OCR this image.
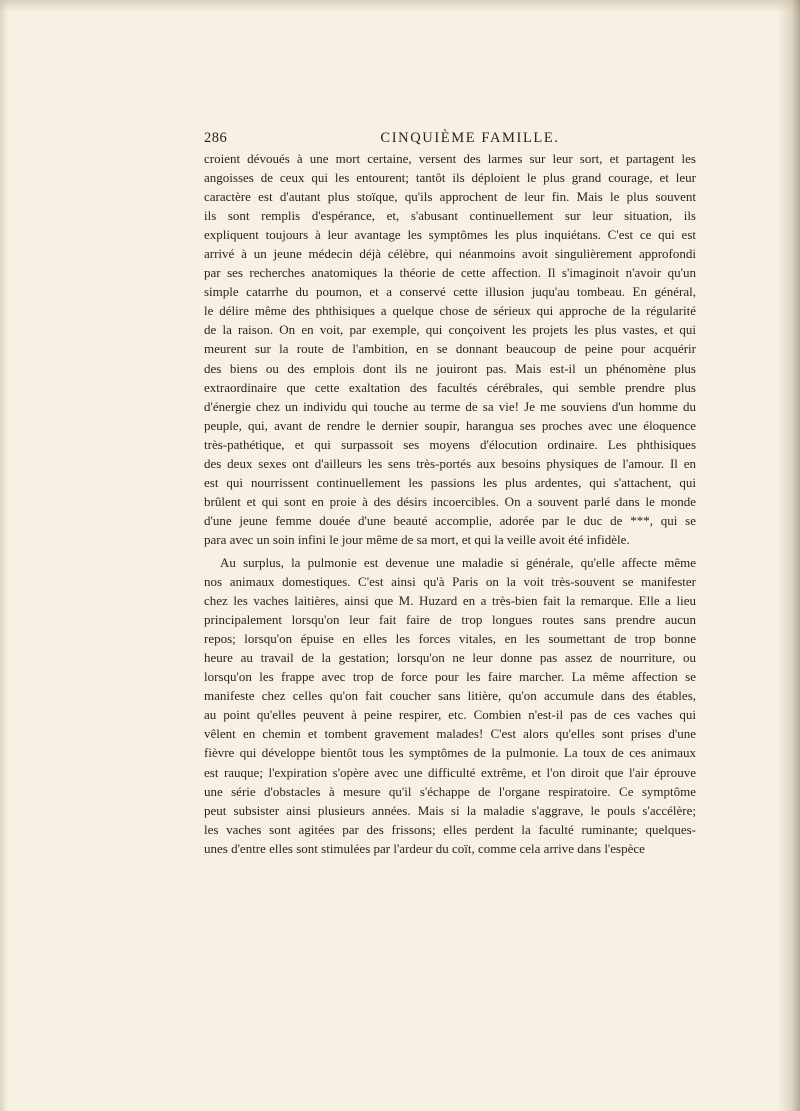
286	CINQUIÈME FAMILLE.
croient dévoués à une mort certaine, versent des larmes sur leur sort, et partagent les
angoisses de ceux qui les entourent; tantôt ils déploient le plus grand courage, et leur
caractère est d'autant plus stoïque, qu'ils approchent de leur fin. Mais le plus souvent
ils sont remplis d'espérance, et, s'abusant continuellement sur leur situation, ils
expliquent toujours à leur avantage les symptômes les plus inquiétans. C'est ce qui est
arrivé à un jeune médecin déjà célèbre, qui néanmoins avoit singulièrement approfondi
par ses recherches anatomiques la théorie de cette affection. Il s'imaginoit n'avoir qu'un
simple catarrhe du poumon, et a conservé cette illusion juqu'au tombeau. En général,
le délire même des phthisiques a quelque chose de sérieux qui approche de la régularité
de la raison. On en voit, par exemple, qui conçoivent les projets les plus vastes, et qui
meurent sur la route de l'ambition, en se donnant beaucoup de peine pour acquérir
des biens ou des emplois dont ils ne jouiront pas. Mais est-il un phénomène plus
extraordinaire que cette exaltation des facultés cérébrales, qui semble prendre plus
d'énergie chez un individu qui touche au terme de sa vie! Je me souviens d'un homme du
peuple, qui, avant de rendre le dernier soupir, harangua ses proches avec une éloquence
très-pathétique, et qui surpassoit ses moyens d'élocution ordinaire. Les phthisiques
des deux sexes ont d'ailleurs les sens très-portés aux besoins physiques de l'amour. Il en
est qui nourrissent continuellement les passions les plus ardentes, qui s'attachent, qui
brûlent et qui sont en proie à des désirs incoercibles. On a souvent parlé dans le monde
d'une jeune femme douée d'une beauté accomplie, adorée par le duc de ***, qui se
para avec un soin infini le jour même de sa mort, et qui la veille avoit été infidèle.
Au surplus, la pulmonie est devenue une maladie si générale, qu'elle affecte même
nos animaux domestiques. C'est ainsi qu'à Paris on la voit très-souvent se manifester
chez les vaches laitières, ainsi que M. Huzard en a très-bien fait la remarque. Elle a lieu
principalement lorsqu'on leur fait faire de trop longues routes sans prendre aucun
repos; lorsqu'on épuise en elles les forces vitales, en les soumettant de trop bonne
heure au travail de la gestation; lorsqu'on ne leur donne pas assez de nourriture, ou
lorsqu'on les frappe avec trop de force pour les faire marcher. La même affection se
manifeste chez celles qu'on fait coucher sans litière, qu'on accumule dans des étables,
au point qu'elles peuvent à peine respirer, etc. Combien n'est-il pas de ces vaches qui
vêlent en chemin et tombent gravement malades! C'est alors qu'elles sont prises d'une
fièvre qui développe bientôt tous les symptômes de la pulmonie. La toux de ces animaux
est rauque; l'expiration s'opère avec une difficulté extrême, et l'on diroit que l'air éprouve
une série d'obstacles à mesure qu'il s'échappe de l'organe respiratoire. Ce symptôme
peut subsister ainsi plusieurs années. Mais si la maladie s'aggrave, le pouls s'accélère;
les vaches sont agitées par des frissons; elles perdent la faculté ruminante; quelques-
unes d'entre elles sont stimulées par l'ardeur du coït, comme cela arrive dans l'espèce
